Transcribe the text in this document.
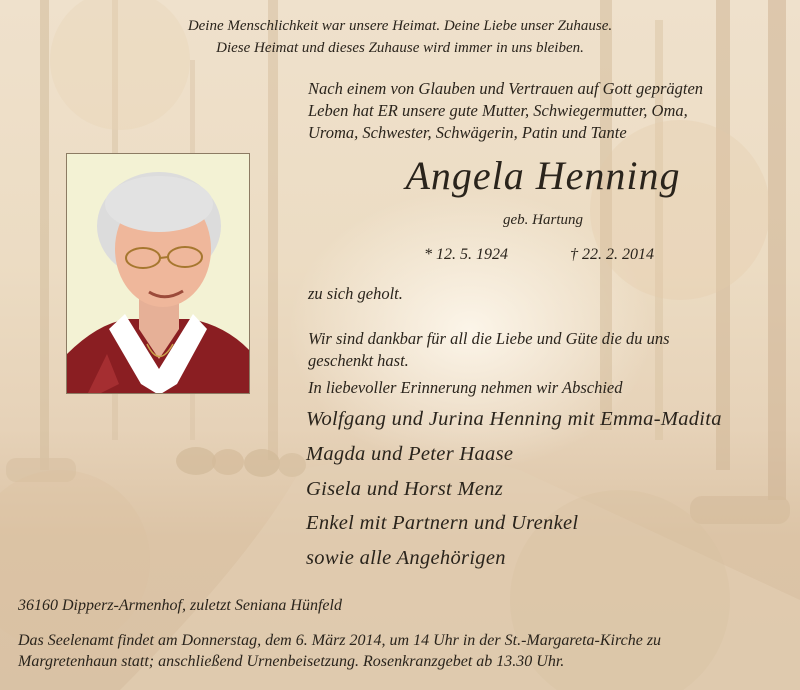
Deine Menschlichkeit war unsere Heimat. Deine Liebe unser Zuhause.
Diese Heimat und dieses Zuhause wird immer in uns bleiben.
Nach einem von Glauben und Vertrauen auf Gott geprägten
Leben hat ER unsere gute Mutter, Schwiegermutter, Oma,
Uroma, Schwester, Schwägerin, Patin und Tante
Angela Henning
geb. Hartung
* 12. 5. 1924	† 22. 2. 2014
zu sich geholt.
Wir sind dankbar für all die Liebe und Güte die du uns
geschenkt hast.
In liebevoller Erinnerung nehmen wir Abschied
Wolfgang und Jurina Henning mit Emma-Madita
Magda und Peter Haase
Gisela und Horst Menz
Enkel mit Partnern und Urenkel
sowie alle Angehörigen
36160 Dipperz-Armenhof, zuletzt Seniana Hünfeld
Das Seelenamt findet am Donnerstag, dem 6. März 2014, um 14 Uhr in der St.-Margareta-Kirche zu
Margretenhaun statt; anschließend Urnenbeisetzung. Rosenkranzgebet ab 13.30 Uhr.
